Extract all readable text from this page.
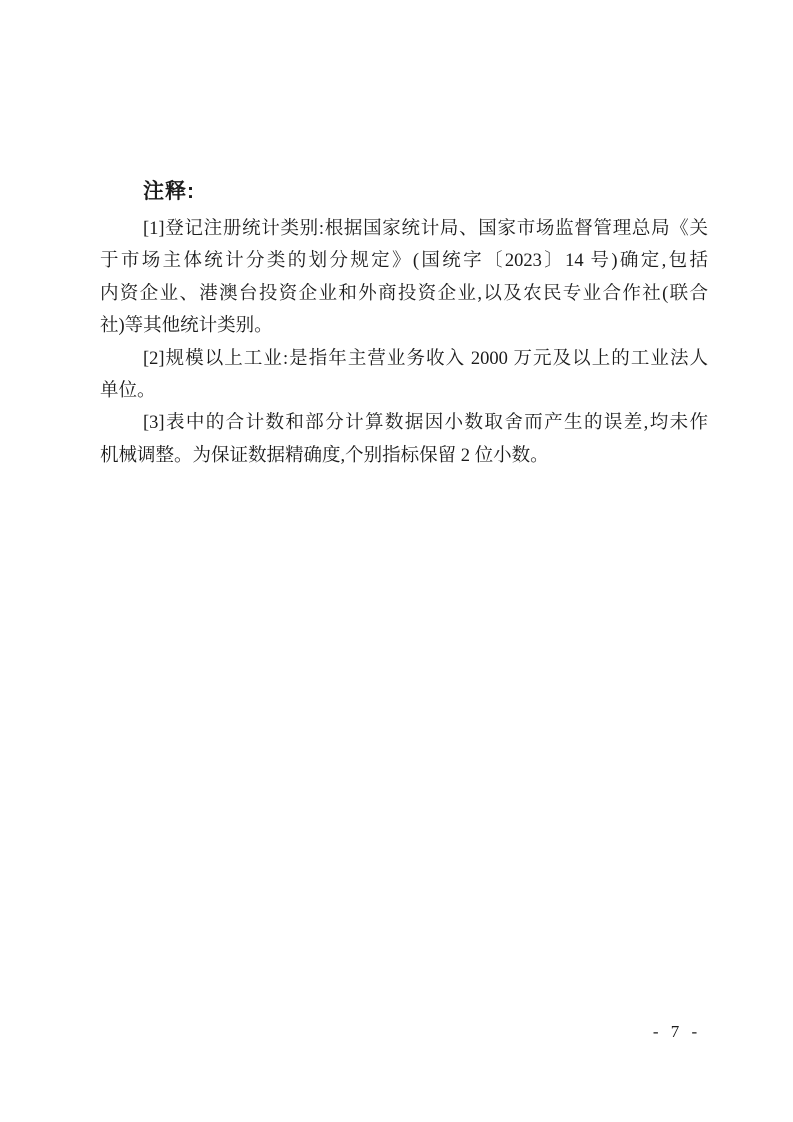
注释:
[1]登记注册统计类别:根据国家统计局、国家市场监督管理总局《关
于市场主体统计分类的划分规定》(国统字〔2023〕14 号)确定,包括
内资企业、港澳台投资企业和外商投资企业,以及农民专业合作社(联合
社)等其他统计类别。
[2]规模以上工业:是指年主营业务收入 2000 万元及以上的工业法人
单位。
[3]表中的合计数和部分计算数据因小数取舍而产生的误差,均未作
机械调整。为保证数据精确度,个别指标保留 2 位小数。
- 7 -
